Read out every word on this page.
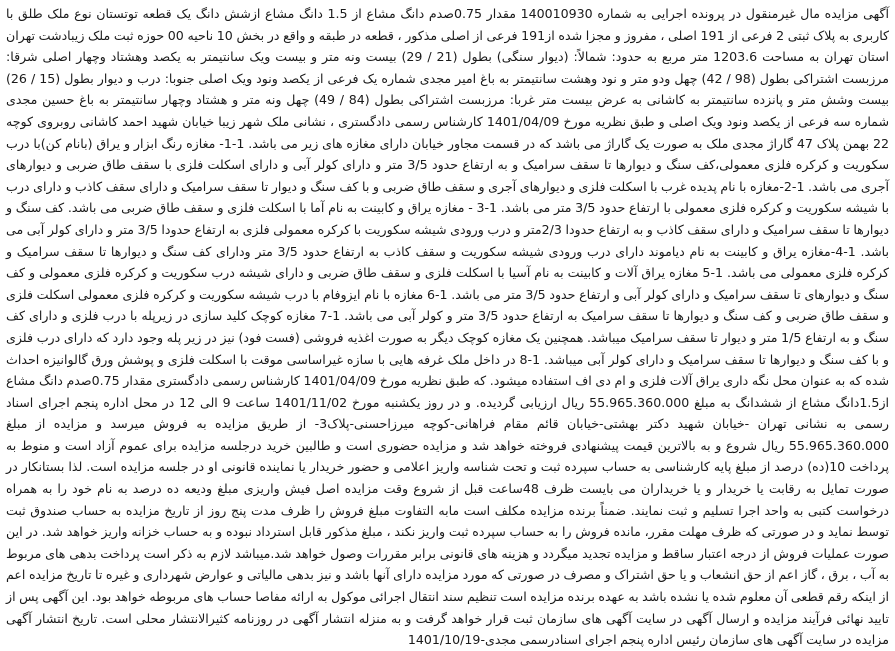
آگهی مزایده مال غیرمنقول در پرونده اجرایی به شماره 140010930 مقدار 0.75صدم دانگ مشاع از 1.5 دانگ مشاع ازشش دانگ یک قطعه توتستان نوع ملک طلق با کاربری به پلاک ثبتی 2 فرعی از 191 اصلی ، مفروز و مجزا شده از191 فرعی از اصلی مذکور ، قطعه در طبقه و واقع در بخش 10 ناحیه 00 حوزه ثبت ملک زیبادشت تهران استان تهران به مساحت 1203.6 متر مربع به حدود: شمالاً: (دیوار سنگی) بطول (21 / 29) بیست ونه متر و بیست ویک سانتیمتر به یکصد وهشتاد وچهار اصلی شرقا: مرزبست اشتراکی بطول (98 / 42) چهل ودو متر و نود وهشت سانتیمتر به باغ امیر مجدی شماره یک فرعی از یکصد ونود ویک اصلی جنوبا: درب و دیوار بطول (15 / 26) بیست وشش متر و پانزده سانتیمتر به کاشانی به عرض بیست متر غربا: مرزبست اشتراکی بطول (84 / 49) چهل ونه متر و هشتاد وچهار سانتیمتر به باغ حسین مجدی شماره سه فرعی از یکصد ونود ویک اصلی و طبق نظریه مورخ 1401/04/09 کارشناس رسمی دادگستری ، نشانی ملک شهر زیبا خیابان شهید احمد کاشانی روبروی کوچه 22 بهمن پلاک 47 گاراژ مجدی ملک به صورت یک گاراژ می باشد که در قسمت مجاور خیابان دارای مغازه های زیر می باشد. 1-1- مغازه رنگ ابزار و یراق (بانام کن)با درب سکوریت و کرکره فلزی معمولی،کف سنگ و دیوارها تا سقف سرامیک و به ارتفاع حدود 3/5 متر و دارای کولر آبی و دارای اسکلت فلزی با سقف طاق ضربی و دیوارهای آجری می باشد. 1-2-مغازه با نام پدیده غرب با اسکلت فلزی و دیوارهای آجری و سقف طاق ضربی و با کف سنگ و دیوار تا سقف سرامیک و دارای سقف کاذب و دارای درب با شیشه سکوریت و کرکره فلزی معمولی با ارتفاع حدود 3/5 متر می باشد. 1-3 - مغازه یراق و کابینت به نام آما با اسکلت فلزی و سقف طاق ضربی می باشد. کف سنگ و دیوارها تا سقف سرامیک و دارای سقف کاذب و به ارتفاع حدودا 2/3متر و درب ورودی شیشه سکوریت با کرکره معمولی فلزی به ارتفاع حدودا 3/5 متر و دارای کولر آبی می باشد. 1-4-مغازه یراق و کابینت به نام دیاموند دارای درب ورودی شیشه سکوریت و سقف کاذب به ارتفاع حدود 3/5 متر ودارای کف سنگ و دیوارها تا سقف سرامیک و کرکره فلزی معمولی می باشد. 1-5 مغازه یراق آلات و کابینت به نام آسیا با اسکلت فلزی و سقف طاق ضربی و دارای شیشه درب سکوریت و کرکره فلزی معمولی و کف سنگ و دیوارهای تا سقف سرامیک و دارای کولر آبی و ارتفاع حدود 3/5 متر می باشد. 1-6 مغازه با نام ایزوفام با درب شیشه سکوریت و کرکره فلزی معمولی اسکلت فلزی و سقف طاق ضربی و کف سنگ و دیوارها تا سقف سرامیک به ارتفاع حدود 3/5 متر و کولر آبی می باشد. 1-7 مغازه کوچک کلید سازی در زیرپله با درب فلزی و دارای کف سنگ و به ارتفاع 1/5 متر و دیوار تا سقف سرامیک میباشد. همچنین یک مغازه کوچک دیگر به صورت اغذیه فروشی (فست فود) نیز در زیر پله وجود دارد که دارای درب فلزی و با کف سنگ و دیوارها تا سقف سرامیک و دارای کولر آبی میباشد. 1-8 در داخل ملک غرفه هایی با سازه غیراساسی موقت با اسکلت فلزی و پوشش ورق گالوانیزه احداث شده که به عنوان محل نگه داری یراق آلات فلزی و ام دی اف استفاده میشود. که طبق نظریه مورخ 1401/04/09 کارشناس رسمی دادگستری مقدار 0.75صدم دانگ مشاع از1.5دانگ مشاع از ششدانگ به مبلغ 55.965.360.000 ریال ارزیابی گردیده. و در روز یکشنبه مورخ 1401/11/02 ساعت 9 الی 12 در محل اداره پنجم اجرای اسناد رسمی به نشانی تهران -خیابان شهید دکتر بهشتی-خیابان قائم مقام فراهانی-کوچه میرزاحسنی-پلاک3- از طریق مزایده به فروش میرسد و مزایده از مبلغ 55.965.360.000 ریال شروع و به بالاترین قیمت پیشنهادی فروخته خواهد شد و مزایده حضوری است و طالبین خرید درجلسه مزایده برای عموم آزاد است و منوط به پرداخت 10(ده) درصد از مبلغ پایه کارشناسی به حساب سپرده ثبت و تحت شناسه واریز اعلامی و حضور خریدار یا نماینده قانونی او در جلسه مزایده است. لذا بستانکار در صورت تمایل به رقابت یا خریدار و یا خریداران می بایست ظرف 48ساعت قبل از شروع وقت مزایده اصل فیش واریزی مبلغ ودیعه ده درصد به نام خود را به همراه درخواست کتبی به واحد اجرا تسلیم و ثبت نمایند. ضمناً برنده مزایده مکلف است مابه التفاوت مبلغ فروش را ظرف مدت پنج روز از تاریخ مزایده به حساب صندوق ثبت توسط نماید و در صورتی که ظرف مهلت مقرر، مانده فروش را به حساب سپرده ثبت واریز نکند ، مبلغ مذکور قابل استرداد نبوده و به حساب خزانه واریز خواهد شد. در این صورت عملیات فروش از درجه اعتبار ساقط و مزایده تجدید میگردد و هزینه های قانونی برابر مقررات وصول خواهد شد.میباشد لازم به ذکر است پرداخت بدهی های مربوط به آب ، برق ، گاز اعم از حق انشعاب و یا حق اشتراک و مصرف در صورتی که مورد مزایده دارای آنها باشد و نیز بدهی مالیاتی و عوارض شهرداری و غیره تا تاریخ مزایده اعم از اینکه رقم قطعی آن معلوم شده یا نشده باشد به عهده برنده مزایده است تنظیم سند انتقال اجرائی موکول به ارائه مفاصا حساب های مربوطه خواهد بود. این آگهی پس از تایید نهائی فرآیند مزایده و ارسال آگهی در سایت آگهی های سازمان ثبت قرار خواهد گرفت و به منزله انتشار آگهی در روزنامه کثیرالانتشار محلی است. تاریخ انتشار آگهی مزایده در سایت آگهی های سازمان رئیس اداره پنجم اجرای اسنادرسمی مجدی-1401/10/19
